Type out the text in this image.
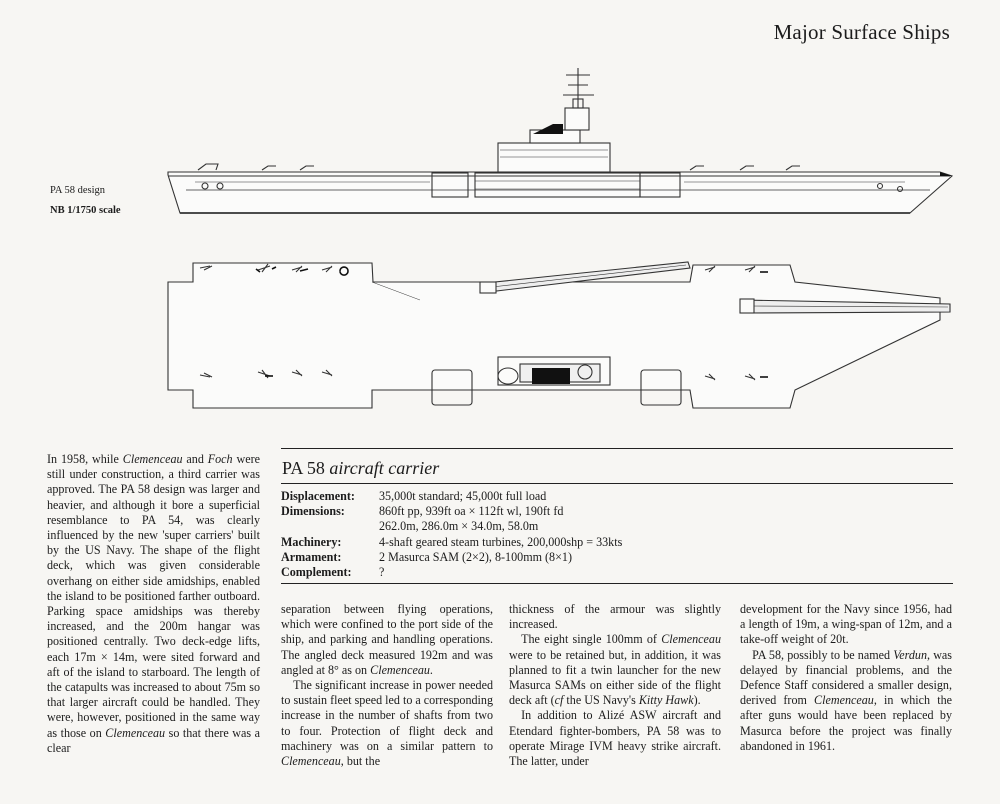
Major Surface Ships
PA 58 design
NB 1/1750 scale

In 1958, while Clemenceau and Foch were still under construction, a third carrier was approved. The PA 58 design was larger and heavier, and although it bore a superficial resemblance to PA 54, was clearly influenced by the new 'super carriers' built by the US Navy. The shape of the flight deck, which was given considerable overhang on either side amidships, enabled the island to be positioned farther outboard. Parking space amidships was thereby increased, and the 200m hangar was positioned centrally. Two deck-edge lifts, each 17m × 14m, were sited forward and aft of the island to starboard. The length of the catapults was increased to about 75m so that larger aircraft could be handled. They were, however, positioned in the same way as those on Clemenceau so that there was a clear

PA 58 aircraft carrier
Displacement:	35,000t standard; 45,000t full load
Dimensions:	860ft pp, 939ft oa × 112ft wl, 190ft fd
262.0m, 286.0m × 34.0m, 58.0m
Machinery:	4-shaft geared steam turbines, 200,000shp = 33kts
Armament:	2 Masurca SAM (2×2), 8-100mm (8×1)
Complement:	?

separation between flying operations, which were confined to the port side of the ship, and parking and handling operations. The angled deck measured 192m and was angled at 8° as on Clemenceau.

The significant increase in power needed to sustain fleet speed led to a corresponding increase in the number of shafts from two to four. Protection of flight deck and machinery was on a similar pattern to Clemenceau, but the

thickness of the armour was slightly increased.

The eight single 100mm of Clemenceau were to be retained but, in addition, it was planned to fit a twin launcher for the new Masurca SAMs on either side of the flight deck aft (cf the US Navy's Kitty Hawk).

In addition to Alizé ASW aircraft and Etendard fighter-bombers, PA 58 was to operate Mirage IVM heavy strike aircraft. The latter, under

development for the Navy since 1956, had a length of 19m, a wing-span of 12m, and a take-off weight of 20t.

PA 58, possibly to be named Verdun, was delayed by financial problems, and the Defence Staff considered a smaller design, derived from Clemenceau, in which the after guns would have been replaced by Masurca before the project was finally abandoned in 1961.
